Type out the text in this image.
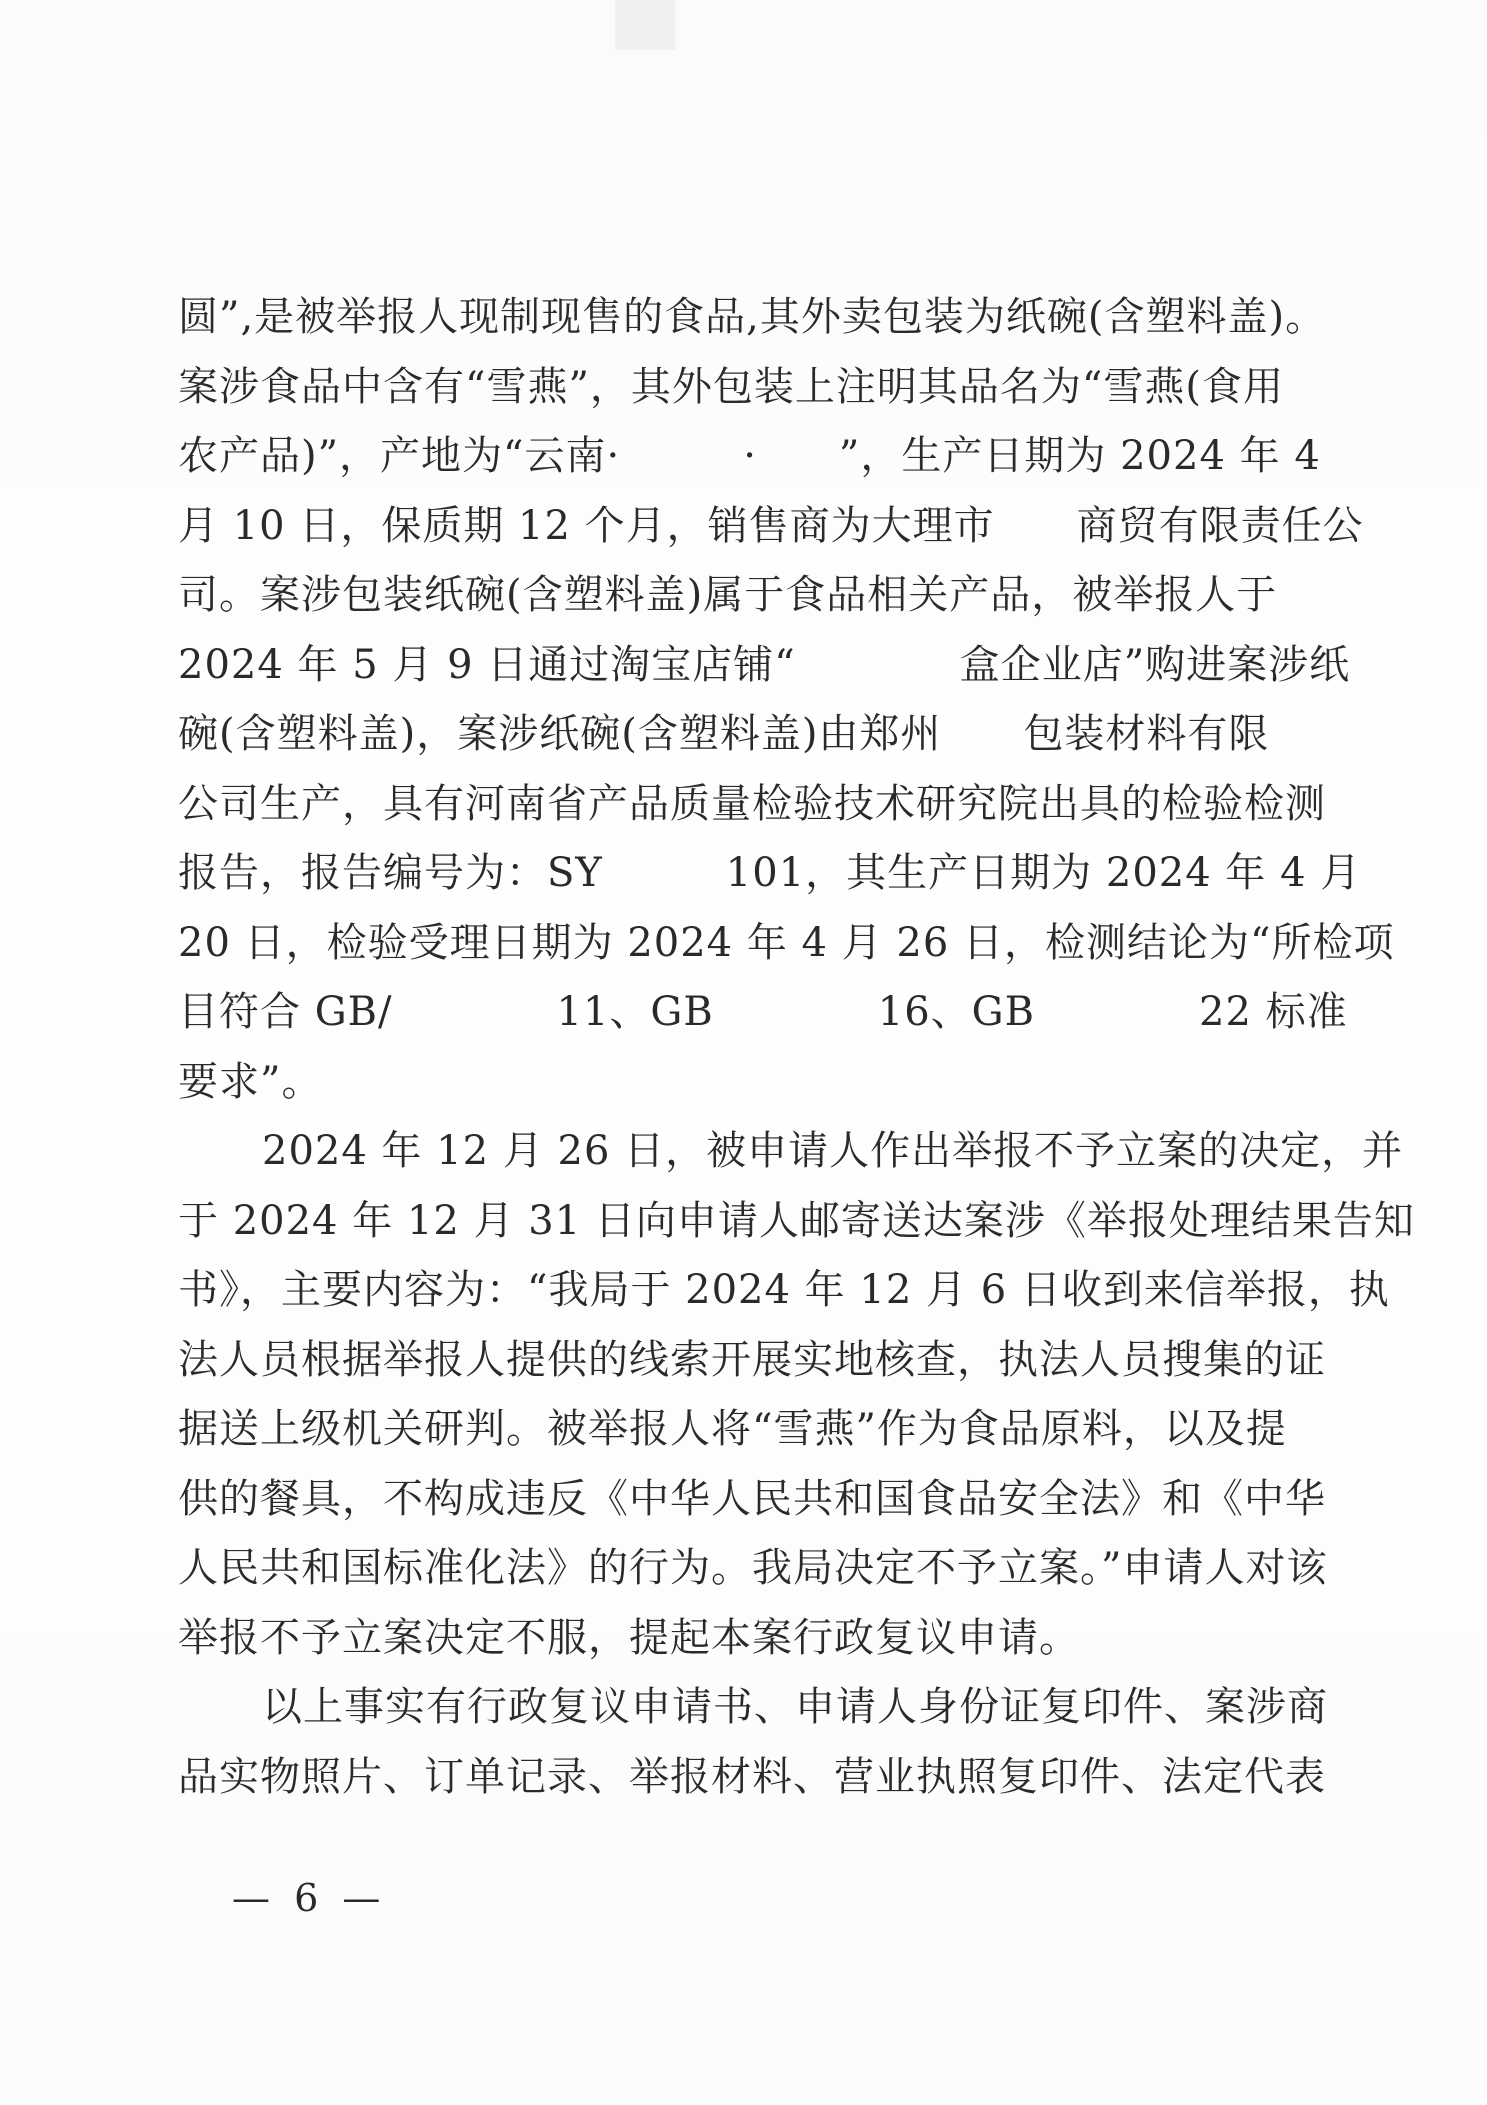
圆”,是被举报人现制现售的食品,其外卖包装为纸碗(含塑料盖)。
案涉食品中含有“雪燕”，其外包装上注明其品名为“雪燕(食用
农产品)”，产地为“云南·　　　·　　”，生产日期为 2024 年 4
月 10 日，保质期 12 个月，销售商为大理市　　商贸有限责任公
司。案涉包装纸碗(含塑料盖)属于食品相关产品，被举报人于
2024 年 5 月 9 日通过淘宝店铺“　　　　盒企业店”购进案涉纸
碗(含塑料盖)，案涉纸碗(含塑料盖)由郑州　　包装材料有限
公司生产，具有河南省产品质量检验技术研究院出具的检验检测
报告，报告编号为：SY　　　101，其生产日期为 2024 年 4 月
20 日，检验受理日期为 2024 年 4 月 26 日，检测结论为“所检项
目符合 GB/　　　　11、GB　　　　16、GB　　　　22 标准
要求”。
2024 年 12 月 26 日，被申请人作出举报不予立案的决定，并
于 2024 年 12 月 31 日向申请人邮寄送达案涉《举报处理结果告知
书》，主要内容为：“我局于 2024 年 12 月 6 日收到来信举报，执
法人员根据举报人提供的线索开展实地核查，执法人员搜集的证
据送上级机关研判。被举报人将“雪燕”作为食品原料，以及提
供的餐具，不构成违反《中华人民共和国食品安全法》和《中华
人民共和国标准化法》的行为。我局决定不予立案。”申请人对该
举报不予立案决定不服，提起本案行政复议申请。
以上事实有行政复议申请书、申请人身份证复印件、案涉商
品实物照片、订单记录、举报材料、营业执照复印件、法定代表
— 6 —
